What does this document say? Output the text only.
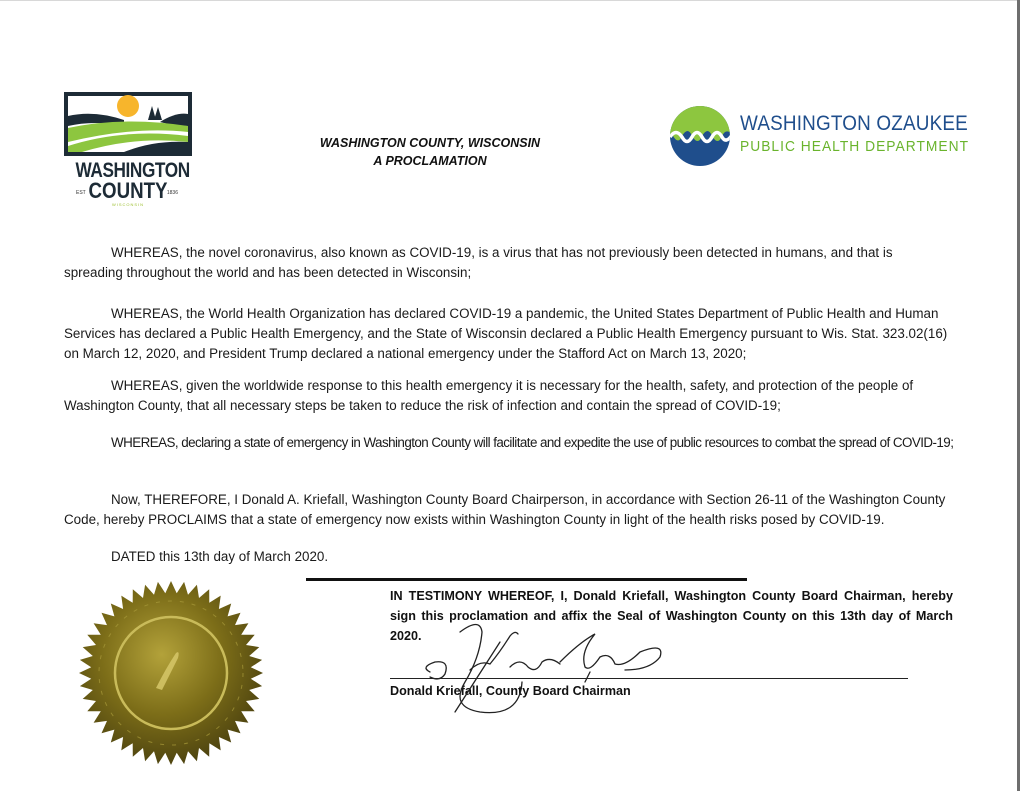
WASHINGTON
EST COUNTY 1836
WISCONSIN
WASHINGTON COUNTY, WISCONSIN
A PROCLAMATION
WASHINGTON OZAUKEE
PUBLIC HEALTH DEPARTMENT

WHEREAS, the novel coronavirus, also known as COVID-19, is a virus that has not previously been detected in humans, and that is spreading throughout the world and has been detected in Wisconsin;

WHEREAS, the World Health Organization has declared COVID-19 a pandemic, the United States Department of Public Health and Human Services has declared a Public Health Emergency, and the State of Wisconsin declared a Public Health Emergency pursuant to Wis. Stat. 323.02(16) on March 12, 2020, and President Trump declared a national emergency under the Stafford Act on March 13, 2020;

WHEREAS, given the worldwide response to this health emergency it is necessary for the health, safety, and protection of the people of Washington County, that all necessary steps be taken to reduce the risk of infection and contain the spread of COVID-19;

WHEREAS, declaring a state of emergency in Washington County will facilitate and expedite the use of public resources to combat the spread of COVID-19;

Now, THEREFORE, I Donald A. Kriefall, Washington County Board Chairperson, in accordance with Section 26-11 of the Washington County Code, hereby PROCLAIMS that a state of emergency now exists within Washington County in light of the health risks posed by COVID-19.

DATED this 13th day of March 2020.

IN TESTIMONY WHEREOF, I, Donald Kriefall, Washington County Board Chairman, hereby sign this proclamation and affix the Seal of Washington County on this 13th day of March 2020.

Donald Kriefall, County Board Chairman
